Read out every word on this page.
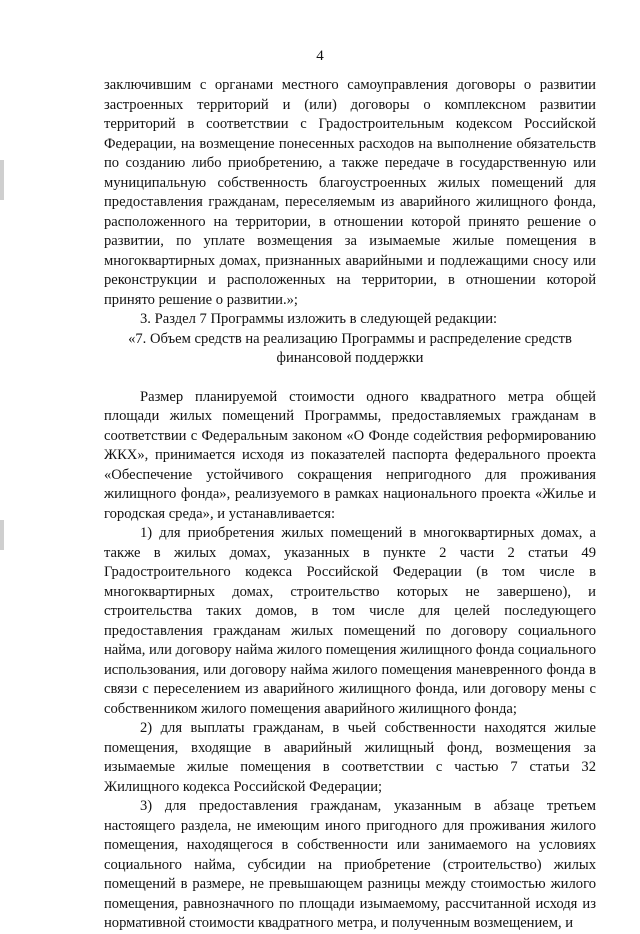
4

заключившим с органами местного самоуправления договоры о развитии застроенных территорий и (или) договоры о комплексном развитии территорий в соответствии с Градостроительным кодексом Российской Федерации, на возмещение понесенных расходов на выполнение обязательств по созданию либо приобретению, а также передаче в государственную или муниципальную собственность благоустроенных жилых помещений для предоставления гражданам, переселяемым из аварийного жилищного фонда, расположенного на территории, в отношении которой принято решение о развитии, по уплате возмещения за изымаемые жилые помещения в многоквартирных домах, признанных аварийными и подлежащими сносу или реконструкции и расположенных на территории, в отношении которой принято решение о развитии.»;

3. Раздел 7 Программы изложить в следующей редакции:

«7. Объем средств на реализацию Программы и распределение средств финансовой поддержки

Размер планируемой стоимости одного квадратного метра общей площади жилых помещений Программы, предоставляемых гражданам в соответствии с Федеральным законом «О Фонде содействия реформированию ЖКХ», принимается исходя из показателей паспорта федерального проекта «Обеспечение устойчивого сокращения непригодного для проживания жилищного фонда», реализуемого в рамках национального проекта «Жилье и городская среда», и устанавливается:

1) для приобретения жилых помещений в многоквартирных домах, а также в жилых домах, указанных в пункте 2 части 2 статьи 49 Градостроительного кодекса Российской Федерации (в том числе в многоквартирных домах, строительство которых не завершено), и строительства таких домов, в том числе для целей последующего предоставления гражданам жилых помещений по договору социального найма, или договору найма жилого помещения жилищного фонда социального использования, или договору найма жилого помещения маневренного фонда в связи с переселением из аварийного жилищного фонда, или договору мены с собственником жилого помещения аварийного жилищного фонда;

2) для выплаты гражданам, в чьей собственности находятся жилые помещения, входящие в аварийный жилищный фонд, возмещения за изымаемые жилые помещения в соответствии с частью 7 статьи 32 Жилищного кодекса Российской Федерации;

3) для предоставления гражданам, указанным в абзаце третьем настоящего раздела, не имеющим иного пригодного для проживания жилого помещения, находящегося в собственности или занимаемого на условиях социального найма, субсидии на приобретение (строительство) жилых помещений в размере, не превышающем разницы между стоимостью жилого помещения, равнозначного по площади изымаемому, рассчитанной исходя из нормативной стоимости квадратного метра, и полученным возмещением, и
